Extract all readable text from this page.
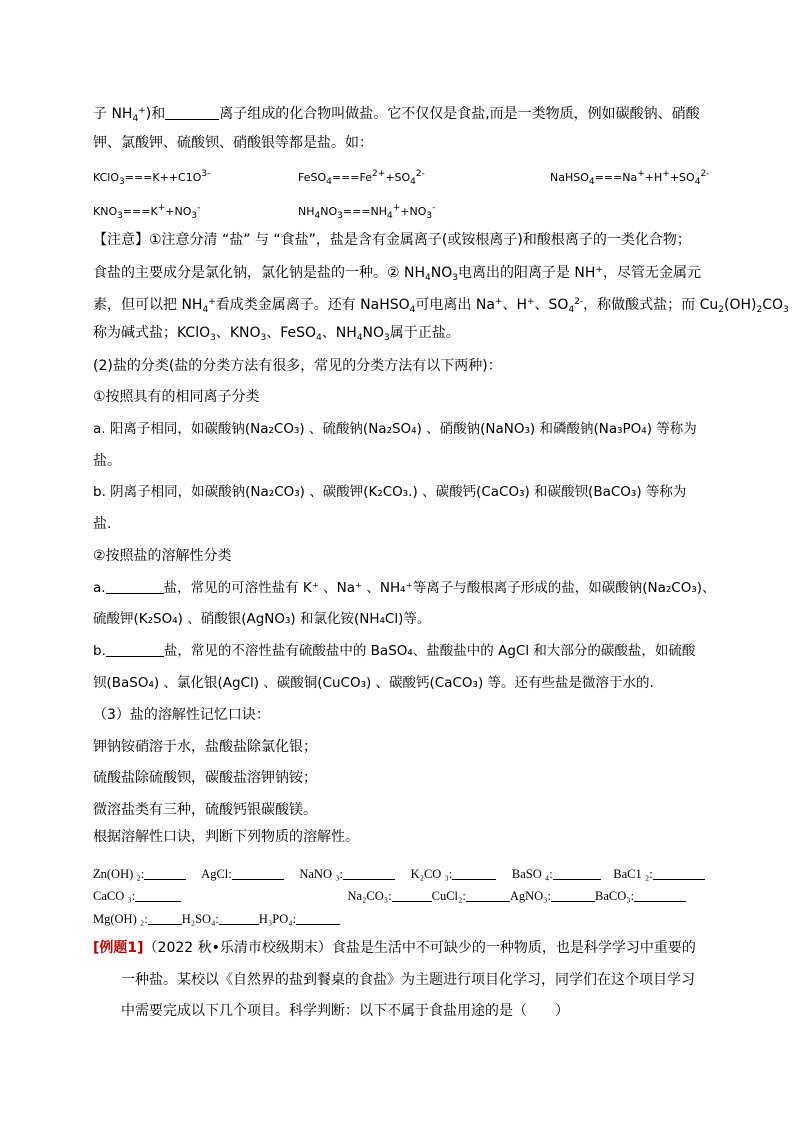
子 $NH_4^+$)和	离子组成的化合物叫做盐。它不仅仅是食盐,而是一类物质，例如碳酸钠、硝酸
钾、氯酸钾、硫酸钡、硝酸银等都是盐。如：
$KClO_3===K++C1O^{3-}$	$FeSO_4===Fe^{2+}+SO_4^{2-}$	$NaHSO_4===Na^++H^++SO_4^{2-}$
$KNO_3===K^++NO_3^-$	$NH_4NO_3===NH_4^++NO_3^-$
【注意】①注意分清 “盐” 与 “食盐”，盐是含有金属离子(或铵根离子)和酸根离子的一类化合物；
食盐的主要成分是氯化钠，氯化钠是盐的一种。② $NH_4NO_3$电离出的阳离子是 NH+，尽管无金属元
素，但可以把 $NH_4^+$看成类金属离子。还有 NaHSO$_4$可电离出 Na+、H+、$SO_4^{2-}$，称做酸式盐；而 $Cu_2(OH)_2CO_3$
称为碱式盐；KClO$_3$、$KNO_3$、FeSO$_4$、$NH_4NO_3$属于正盐。
(2)盐的分类(盐的分类方法有很多，常见的分类方法有以下两种)：
①按照具有的相同离子分类
a. 阳离子相同，如碳酸钠(Na₂CO₃) 、硫酸钠(Na₂SO₄) 、硝酸钠(NaNO₃) 和磷酸钠(Na₃PO₄) 等称为
盐。
b. 阴离子相同，如碳酸钠(Na₂CO₃) 、碳酸钾(K₂CO₃.) 、碳酸钙(CaCO₃) 和碳酸钡(BaCO₃) 等称为
盐.
②按照盐的溶解性分类
a.	盐，常见的可溶性盐有 K⁺ 、Na⁺ 、NH₄⁺等离子与酸根离子形成的盐，如碳酸钠(Na₂CO₃)、
硫酸钾(K₂SO₄) 、硝酸银(AgNO₃) 和氯化铵(NH₄Cl)等。
b.	盐，常见的不溶性盐有硫酸盐中的 BaSO₄、盐酸盐中的 AgCl 和大部分的碳酸盐，如硫酸
钡(BaSO₄) 、氯化银(AgCl) 、碳酸铜(CuCO₃) 、碳酸钙(CaCO₃) 等。还有些盐是微溶于水的.
（3）盐的溶解性记忆口诀：
钾钠铵硝溶于水，盐酸盐除氯化银；
硫酸盐除硫酸钡，碳酸盐溶钾钠铵；
微溶盐类有三种，硫酸钙银碳酸镁。
根据溶解性口诀，判断下列物质的溶解性。
Zn(OH) ₂:	AgCl:	NaNO ₃:	K₂CO ₃:	BaSO ₄:	BaC1 ₂:
CaCO ₃:	Na₂CO₃:	CuCl₂:	AgNO₃:	BaCO₃:
Mg(OH) ₂:	H₂SO₄:	H₃PO₄:
[例题1]（2022 秋•乐清市校级期末）食盐是生活中不可缺少的一种物质，也是科学学习中重要的
一种盐。某校以《自然界的盐到餐桌的食盐》为主题进行项目化学习，同学们在这个项目学习
中需要完成以下几个项目。科学判断：以下不属于食盐用途的是（　　）
